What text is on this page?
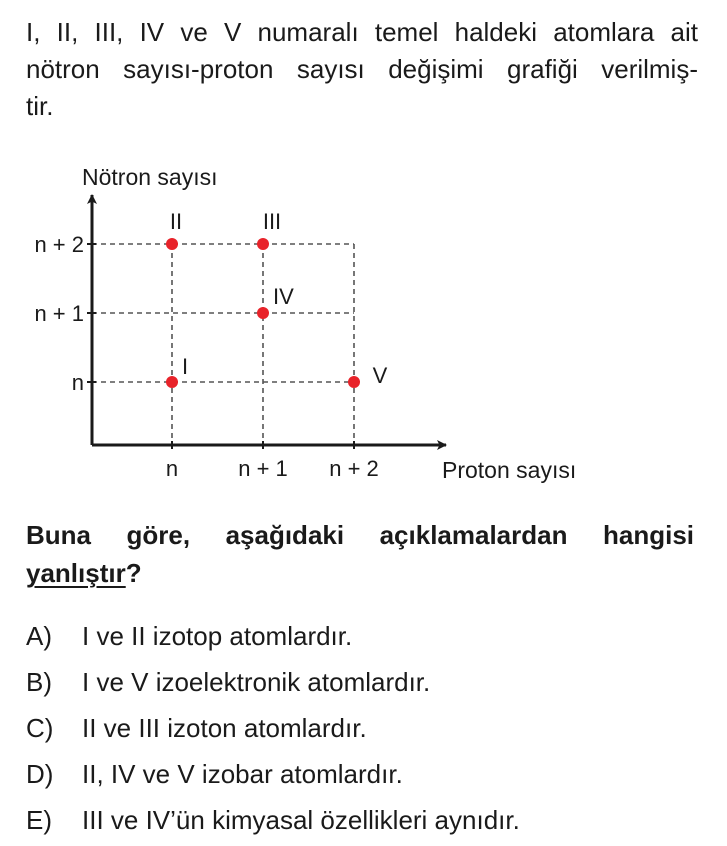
I, II, III, IV ve V numaralı temel haldeki atomlara ait
nötron sayısı-proton sayısı değişimi grafiği verilmiş-
tir.
Nötron sayısı
Proton sayısı
n	n + 1 n + 2
n
n + 1
n + 2
I
II	III
IV
V
Buna göre, aşağıdaki açıklamalardan hangisi
yanlıştır?
A) I ve II izotop atomlardır.
B) I ve V izoelektronik atomlardır.
C) II ve III izoton atomlardır.
D) II, IV ve V izobar atomlardır.
E) III ve IV’ün kimyasal özellikleri aynıdır.
